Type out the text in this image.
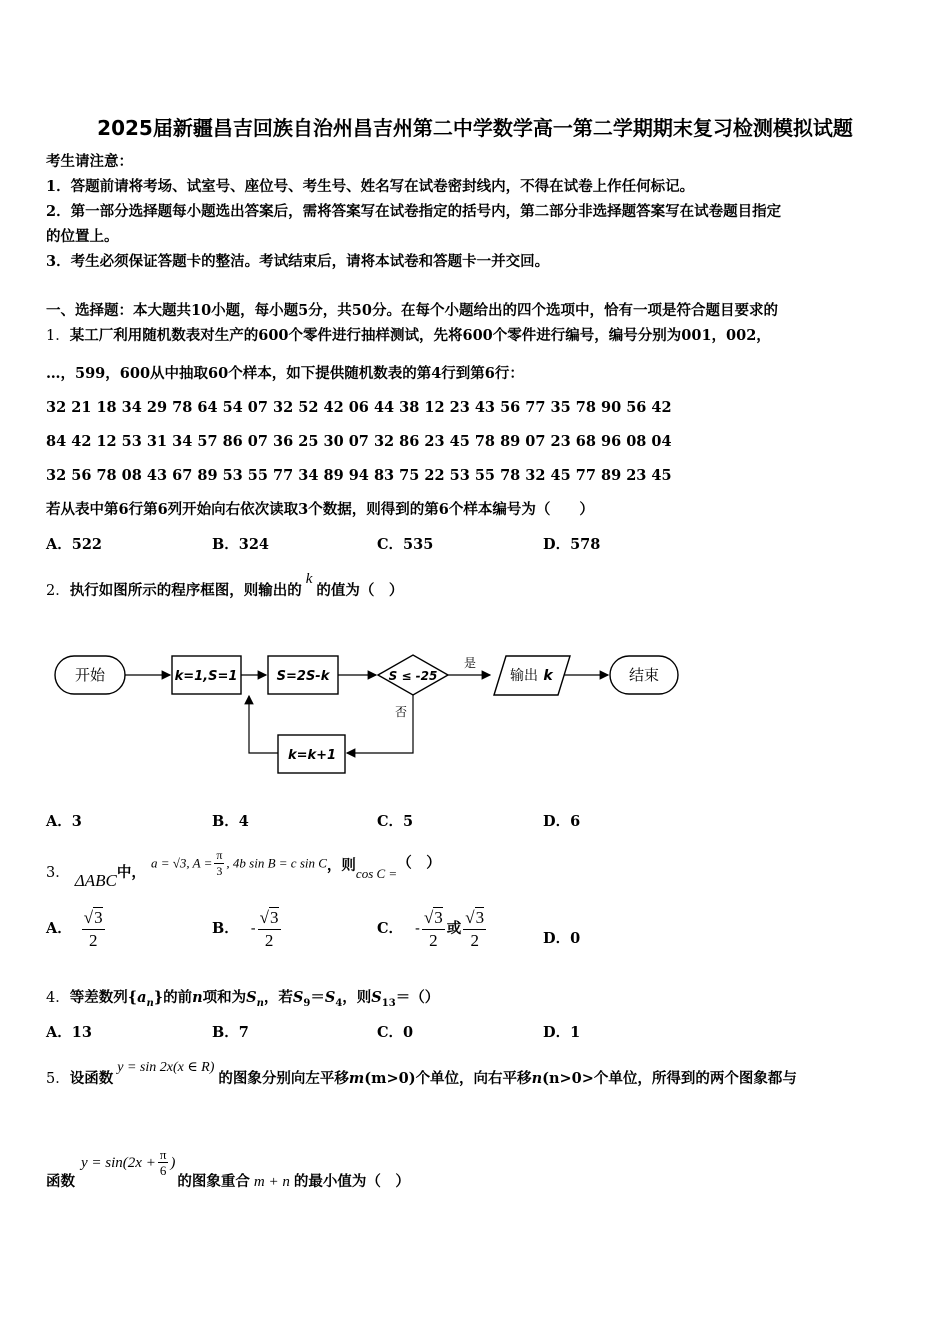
2025届新疆昌吉回族自治州昌吉州第二中学数学高一第二学期期末复习检测模拟试题
考生请注意：
1．答题前请将考场、试室号、座位号、考生号、姓名写在试卷密封线内，不得在试卷上作任何标记。
2．第一部分选择题每小题选出答案后，需将答案写在试卷指定的括号内，第二部分非选择题答案写在试卷题目指定
的位置上。
3．考生必须保证答题卡的整洁。考试结束后，请将本试卷和答题卡一并交回。
一、选择题：本大题共10小题，每小题5分，共50分。在每个小题给出的四个选项中，恰有一项是符合题目要求的
1．某工厂利用随机数表对生产的600个零件进行抽样测试，先将600个零件进行编号，编号分别为001，002，
…，599，600从中抽取60个样本，如下提供随机数表的第4行到第6行：
32 21 18 34 29 78 64 54 07 32 52 42 06 44 38 12 23 43 56 77 35 78 90 56 42
84 42 12 53 31 34 57 86 07 36 25 30 07 32 86 23 45 78 89 07 23 68 96 08 04
32 56 78 08 43 67 89 53 55 77 34 89 94 83 75 22 53 55 78 32 45 77 89 23 45
若从表中第6行第6列开始向右依次读取3个数据，则得到的第6个样本编号为（　　）
A．522	B．324	C．535	D．578
2．执行如图所示的程序框图，则输出的k的值为（　）
开始	k=1,S=1	S=2S-k	S ≤ -25
是
输出 k	结束
否
k=k+1
A．3	B．4	C．5	D．6
3． ΔABC中， a = √3, $A = \frac{\pi}{3}$ , 4b sin B = c sin C，则cos C =（　）
A． $\frac{√3}{2}$	B． - $\frac{√3}{2}$	C． - $\frac{√3}{2}$ 或 $\frac{√3}{2}$	D．0
4．等差数列$\{a_n\}$的前n项和为$S_n$，若$S_9=S_4$，则$S_{13}=()$
A．13	B．7	C．0	D．1
5．设函数y = sin 2x(x ∈ R)的图象分别向左平移m(m>0)个单位，向右平移n(n>0>个单位，所得到的两个图象都与
函数
$y = \sin(2x + \frac{\pi}{6}$ )
的图象重合 m + n 的最小值为（　）
